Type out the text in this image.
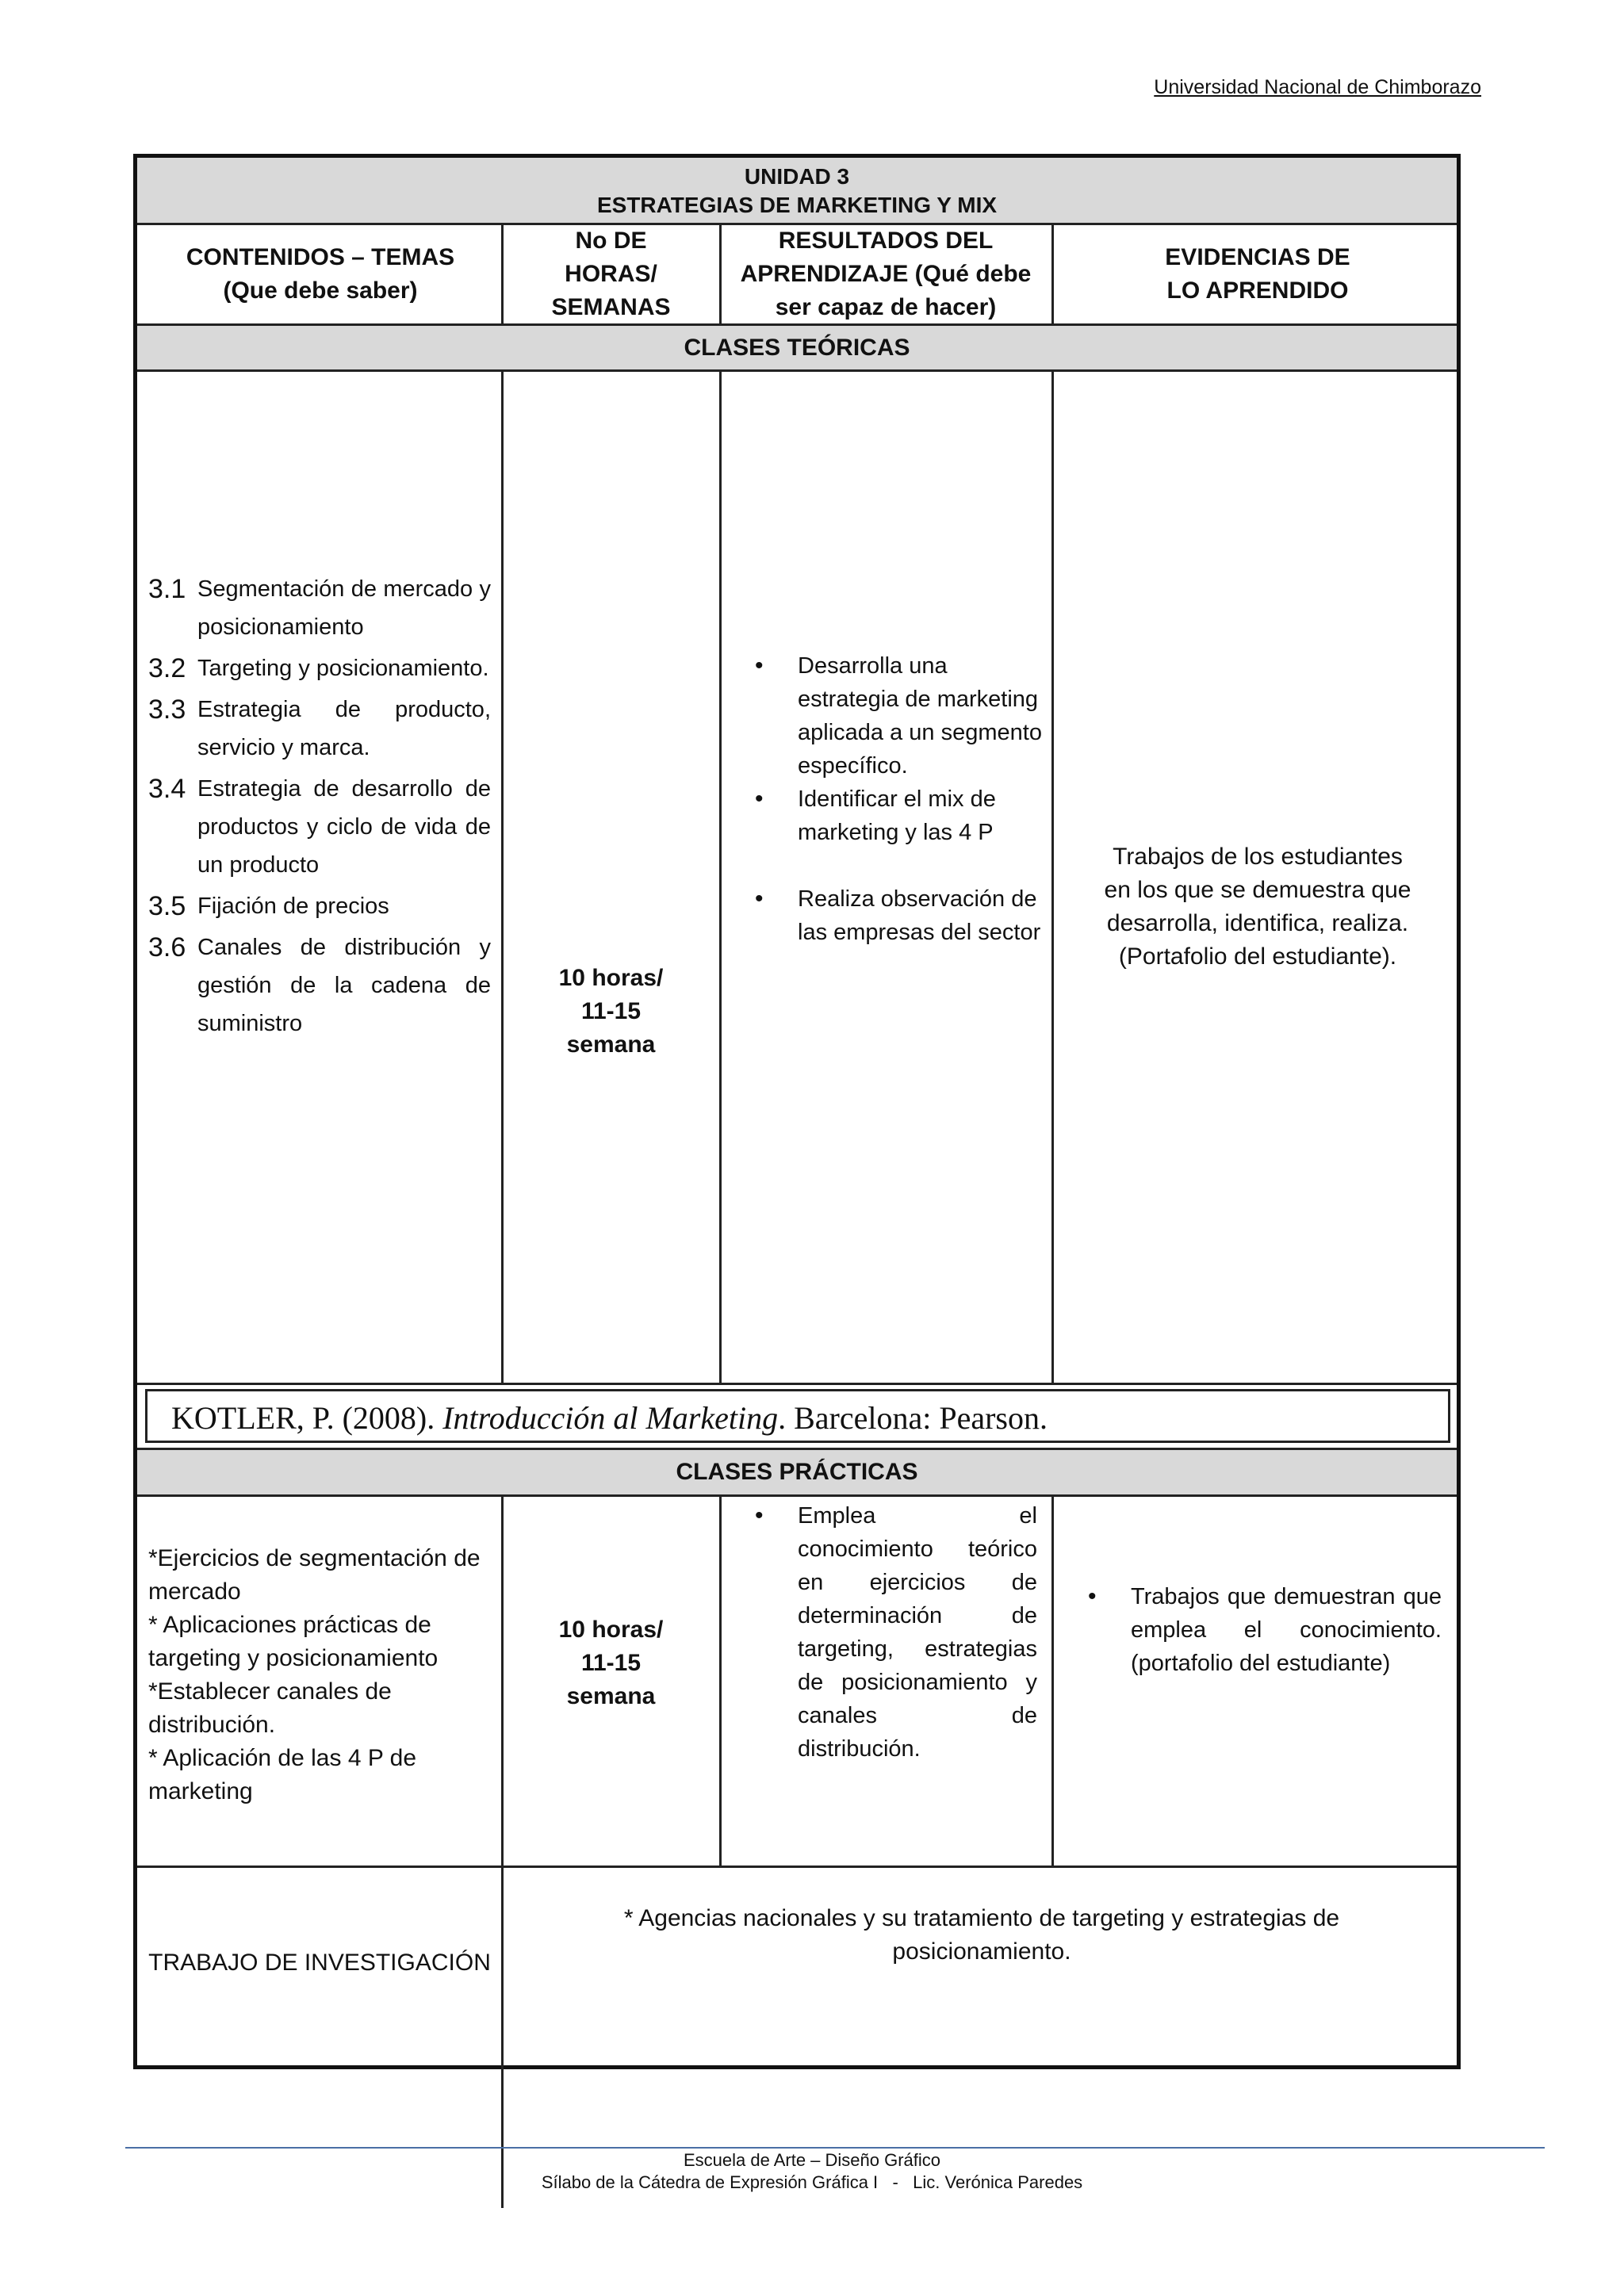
Universidad Nacional de Chimborazo
UNIDAD 3
ESTRATEGIAS DE MARKETING Y MIX
CONTENIDOS – TEMAS (Que debe saber)
No DE HORAS/ SEMANAS
RESULTADOS DEL APRENDIZAJE (Qué debe ser capaz de hacer)
EVIDENCIAS DE LO APRENDIDO
CLASES TEÓRICAS
3.1 Segmentación de mercado y posicionamiento
3.2 Targeting y posicionamiento.
3.3 Estrategia de producto, servicio y marca.
3.4 Estrategia de desarrollo de productos y ciclo de vida de un producto
3.5 Fijación de precios
3.6 Canales de distribución y gestión de la cadena de suministro
10 horas/
11-15
semana
• Desarrolla una estrategia de marketing aplicada a un segmento específico.
• Identificar el mix de marketing y las 4 P
• Realiza observación de las empresas del sector
Trabajos de los estudiantes en los que se demuestra que desarrolla, identifica, realiza. (Portafolio del estudiante).
KOTLER, P. (2008). Introducción al Marketing. Barcelona: Pearson.
CLASES PRÁCTICAS
*Ejercicios de segmentación de mercado
* Aplicaciones prácticas de targeting y posicionamiento
*Establecer canales de distribución.
* Aplicación de las 4 P de marketing
10 horas/
11-15
semana
• Emplea el conocimiento teórico en ejercicios de determinación de targeting, estrategias de posicionamiento y canales de distribución.
• Trabajos que demuestran que emplea el conocimiento. (portafolio del estudiante)
TRABAJO DE INVESTIGACIÓN
* Agencias nacionales y su tratamiento de targeting y estrategias de posicionamiento.
Escuela de Arte – Diseño Gráfico
Sílabo de la Cátedra de Expresión Gráfica I   -   Lic. Verónica Paredes
